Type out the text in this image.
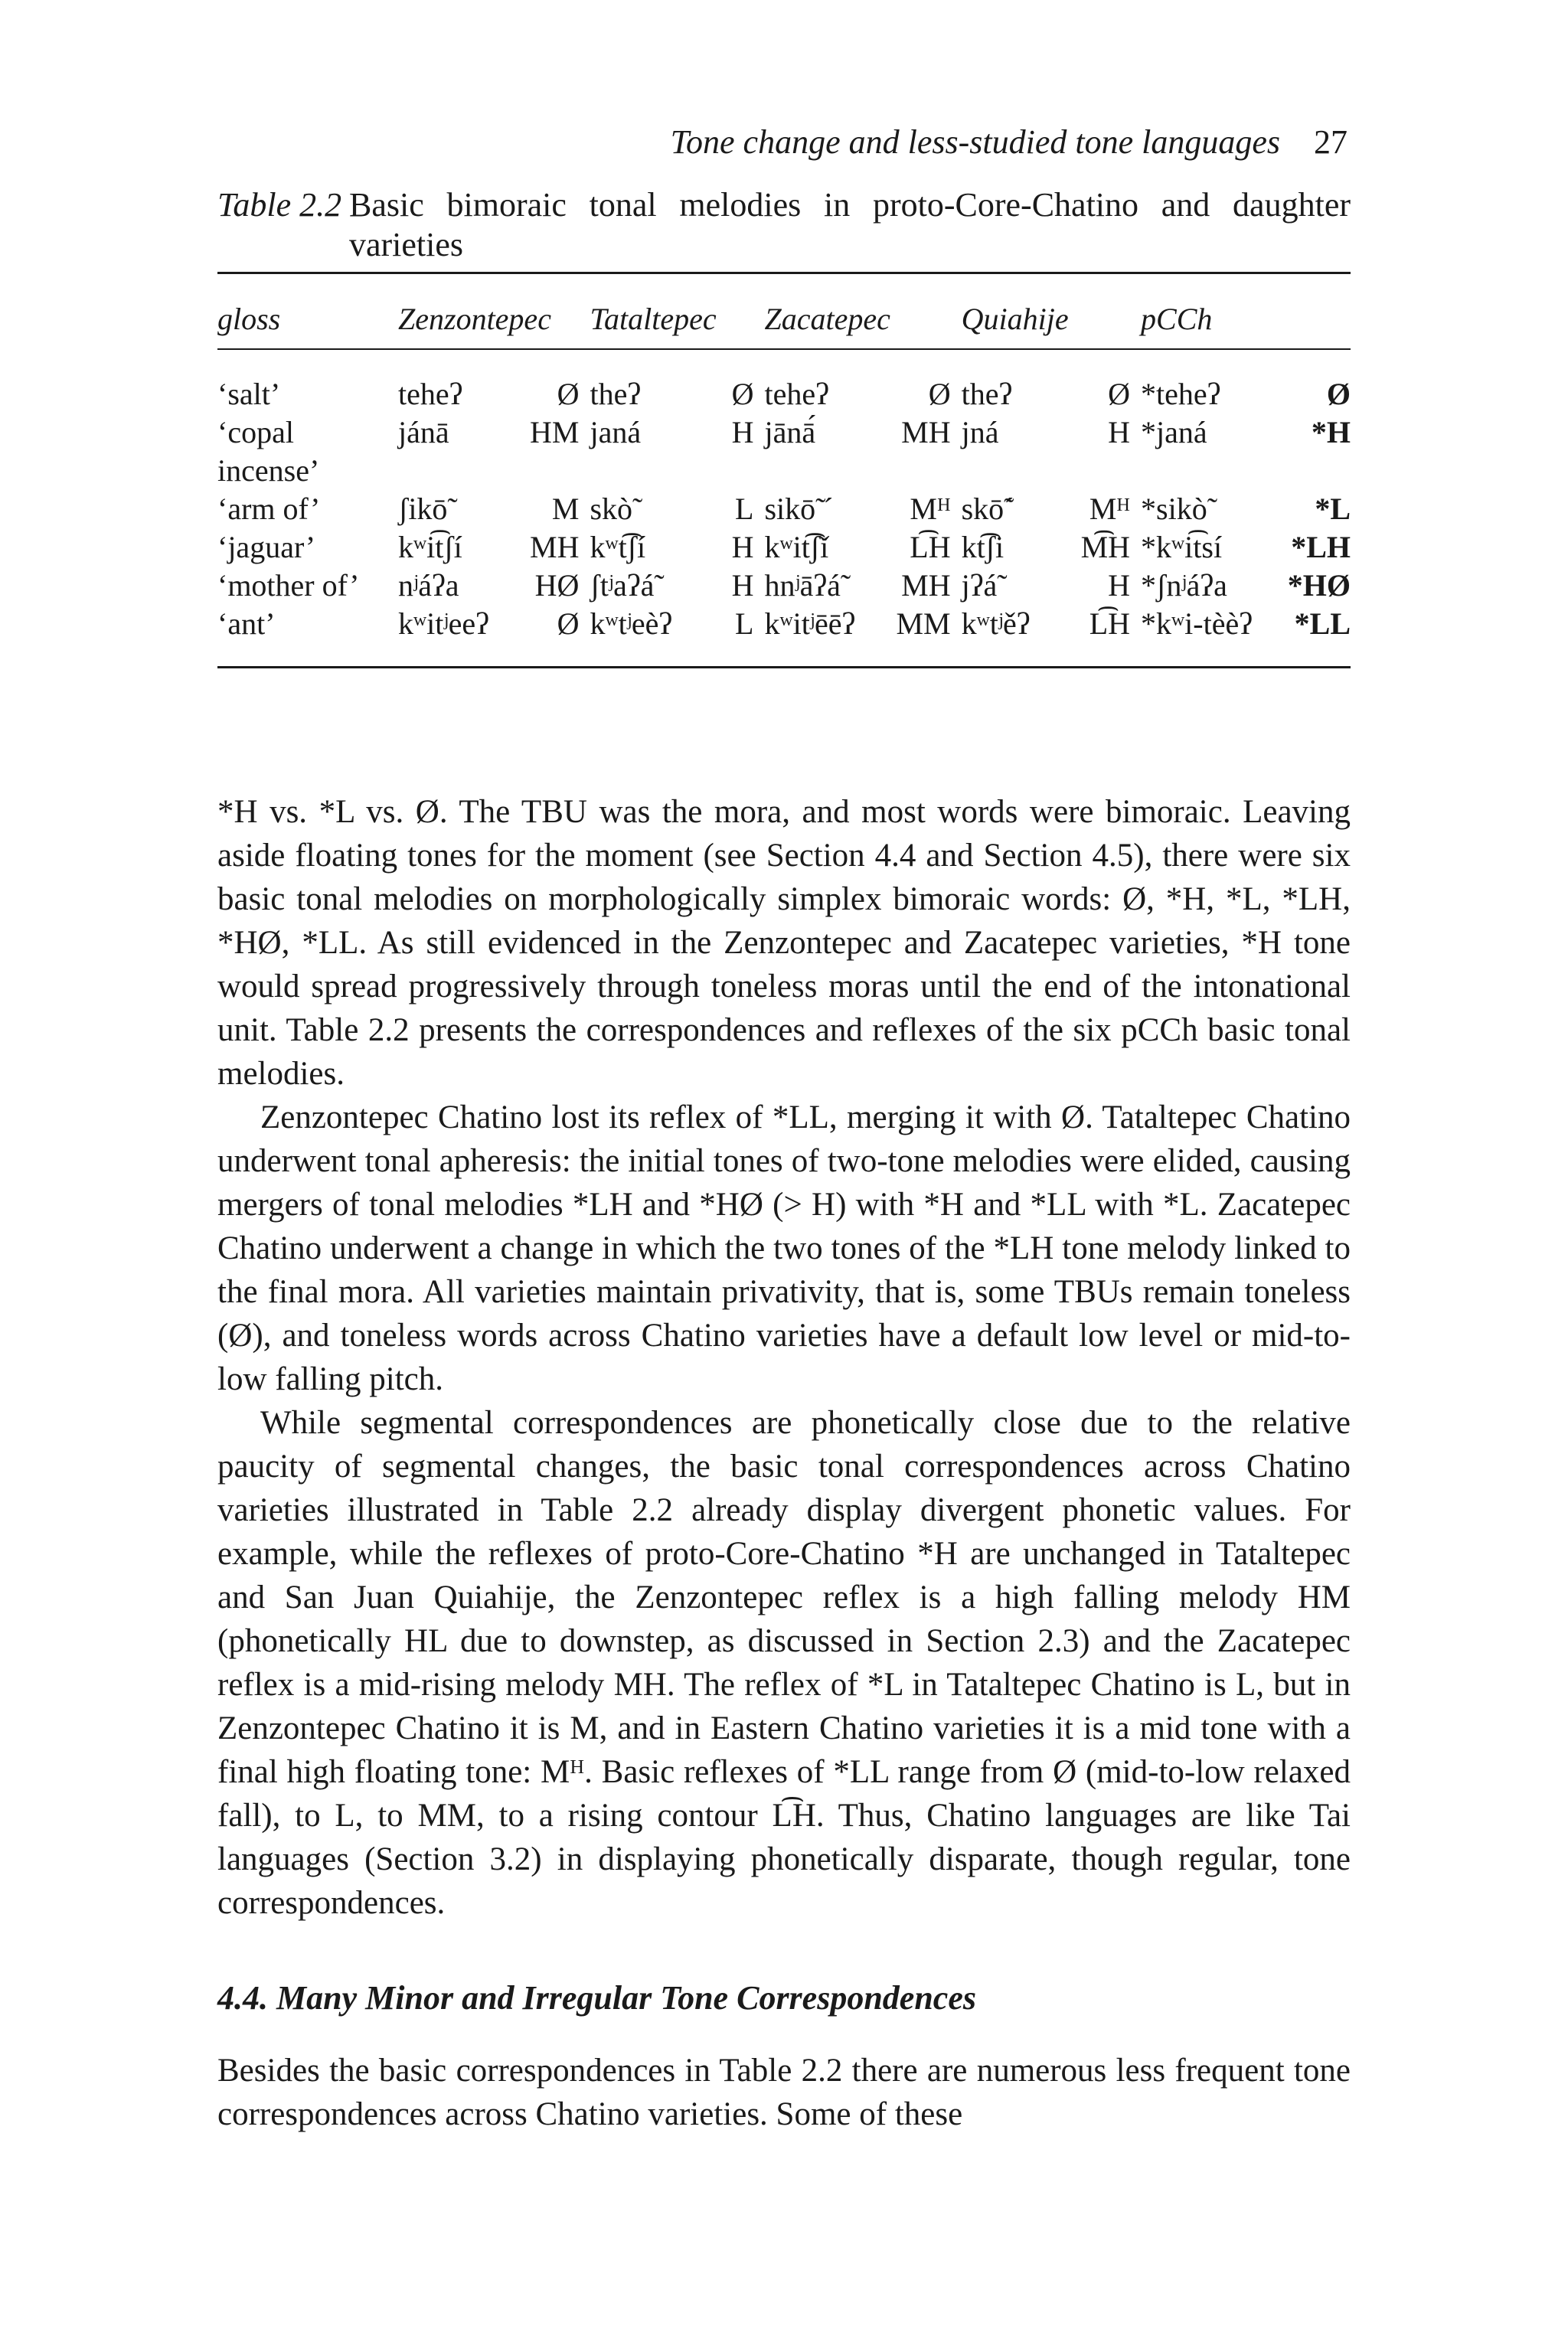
Tone change and less-studied tone languages 27
Table 2.2 Basic bimoraic tonal melodies in proto-Core-Chatino and daughter varieties
gloss	Zenzontepec		Tataltepec		Zacatepec		Quiahije		pCCh	

‘salt’	teheʔ	Ø	theʔ	Ø	teheʔ	Ø	theʔ	Ø	*teheʔ	Ø
‘copal incense’	jánā	HM	janá	H	jānā́	MH	jná	H	*janá	*H
‘arm of’	ʃikō̃	M	skò̃	L	sikō̃ ´	Mᴴ	skō̃´	Mᴴ	*sikò̃	*L
‘jaguar’	kʷi͡tʃí	MH	kʷt͡ʃí	H	kʷit͡ʃǐ	L͡H	kt͡ʃi	M͡H	*kʷi͡tsí	*LH
‘mother of’	nʲáʔa	HØ	ʃtʲaʔá̃	H	hnʲāʔá̃	MH	jʔá̃	H	*ʃnʲáʔa	*HØ
‘ant’	kʷitʲeeʔ	Ø	kʷtʲeèʔ	L	kʷitʲēēʔ	MM	kʷtʲěʔ	L͡H	*kʷi-tèèʔ	*LL

*H vs. *L vs. Ø. The TBU was the mora, and most words were bimoraic. Leaving aside floating tones for the moment (see Section 4.4 and Section 4.5), there were six basic tonal melodies on morphologically simplex bimoraic words: Ø, *H, *L, *LH, *HØ, *LL. As still evidenced in the Zenzontepec and Zacatepec varieties, *H tone would spread progressively through toneless moras until the end of the intonational unit. Table 2.2 presents the correspondences and reflexes of the six pCCh basic tonal melodies.

Zenzontepec Chatino lost its reflex of *LL, merging it with Ø. Tataltepec Chatino underwent tonal apheresis: the initial tones of two-tone melodies were elided, causing mergers of tonal melodies *LH and *HØ (> H) with *H and *LL with *L. Zacatepec Chatino underwent a change in which the two tones of the *LH tone melody linked to the final mora. All varieties maintain privativity, that is, some TBUs remain toneless (Ø), and toneless words across Chatino varieties have a default low level or mid-to-low falling pitch.

While segmental correspondences are phonetically close due to the relative paucity of segmental changes, the basic tonal correspondences across Chatino varieties illustrated in Table 2.2 already display divergent phonetic values. For example, while the reflexes of proto-Core-Chatino *H are unchanged in Tataltepec and San Juan Quiahije, the Zenzontepec reflex is a high falling melody HM (phonetically HL due to downstep, as discussed in Section 2.3) and the Zacatepec reflex is a mid-rising melody MH. The reflex of *L in Tataltepec Chatino is L, but in Zenzontepec Chatino it is M, and in Eastern Chatino varieties it is a mid tone with a final high floating tone: Mᴴ. Basic reflexes of *LL range from Ø (mid-to-low relaxed fall), to L, to MM, to a rising contour L͡H. Thus, Chatino languages are like Tai languages (Section 3.2) in displaying phonetically disparate, though regular, tone correspondences.

4.4. Many Minor and Irregular Tone Correspondences

Besides the basic correspondences in Table 2.2 there are numerous less frequent tone correspondences across Chatino varieties. Some of these
